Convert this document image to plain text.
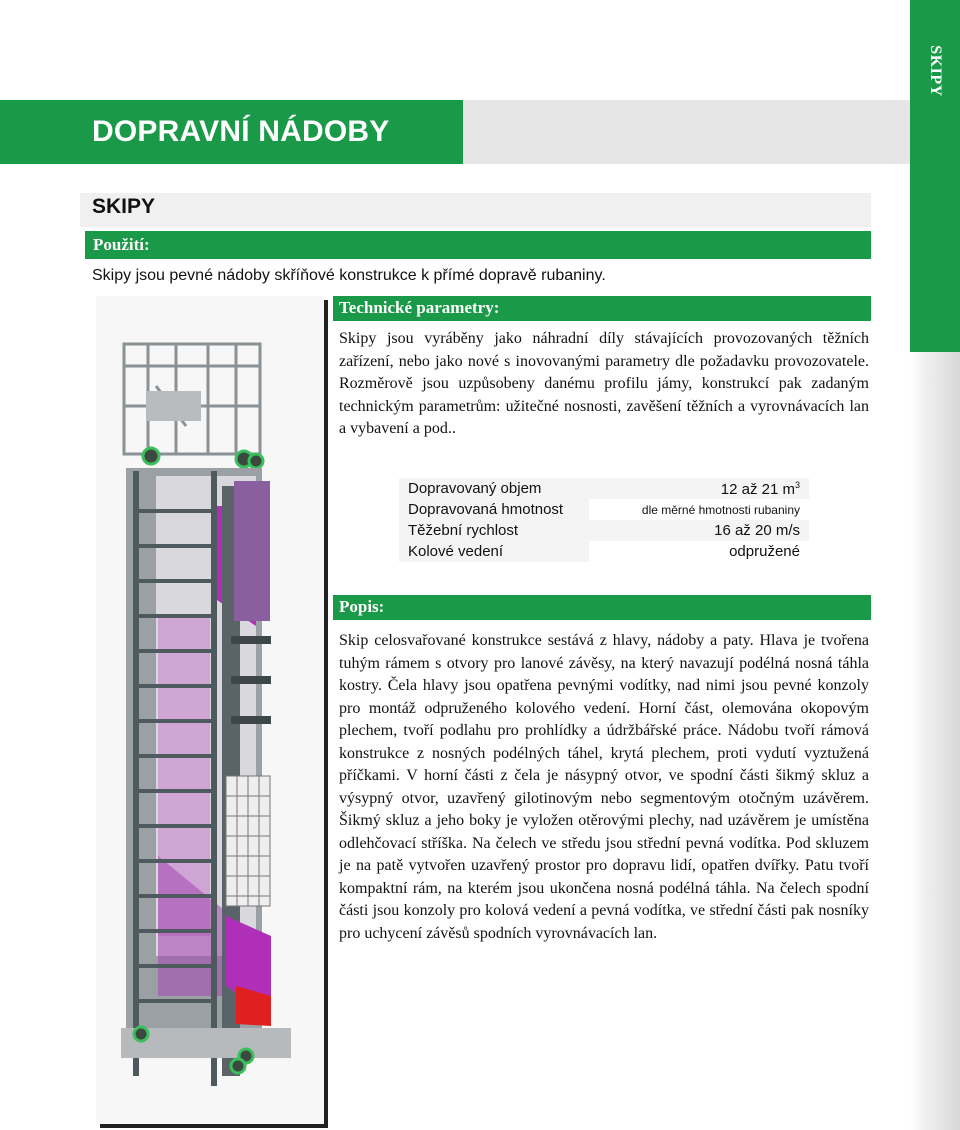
SKIPY
DOPRAVNÍ NÁDOBY
SKIPY
Použití:
Skipy jsou pevné nádoby skříňové konstrukce k přímé dopravě rubaniny.
Technické parametry:
Skipy jsou vyráběny jako náhradní díly stávajících provozovaných těžních zařízení, nebo jako nové s inovovanými parametry dle požadavku provozovatele. Rozměrově jsou uzpůsobeny danému profilu jámy, konstrukcí pak zadaným technickým parametrům: užitečné nosnosti, zavěšení těžních a vyrovnávacích lan a vybavení a pod..
Dopravovaný objem	12 až 21 $m^3$
Dopravovaná hmotnost	dle měrné hmotnosti rubaniny
Těžební rychlost	16 až 20 m/s
Kolové vedení	odpružené
Popis:
Skip celosvařované konstrukce sestává z hlavy, nádoby a paty. Hlava je tvořena tuhým rámem s otvory pro lanové závěsy, na který navazují podélná nosná táhla kostry. Čela hlavy jsou opatřena pevnými vodítky, nad nimi jsou pevné konzoly pro montáž odpruženého kolového vedení. Horní část, olemována okopovým plechem, tvoří podlahu pro prohlídky a údržbářské práce. Nádobu tvoří rámová konstrukce z nosných podélných táhel, krytá plechem, proti vydutí vyztužená příčkami. V horní části z čela je násypný otvor, ve spodní části šikmý skluz a výsypný otvor, uzavřený gilotinovým nebo segmentovým otočným uzávěrem. Šikmý skluz a jeho boky je vyložen otěrovými plechy, nad uzávěrem je umístěna odlehčovací stříška. Na čelech ve středu jsou střední pevná vodítka. Pod skluzem je na patě vytvořen uzavřený prostor pro dopravu lidí, opatřen dvířky. Patu tvoří kompaktní rám, na kterém jsou ukončena nosná podélná táhla. Na čelech spodní části jsou konzoly pro kolová vedení a pevná vodítka, ve střední části pak nosníky pro uchycení závěsů spodních vyrovnávacích lan.
